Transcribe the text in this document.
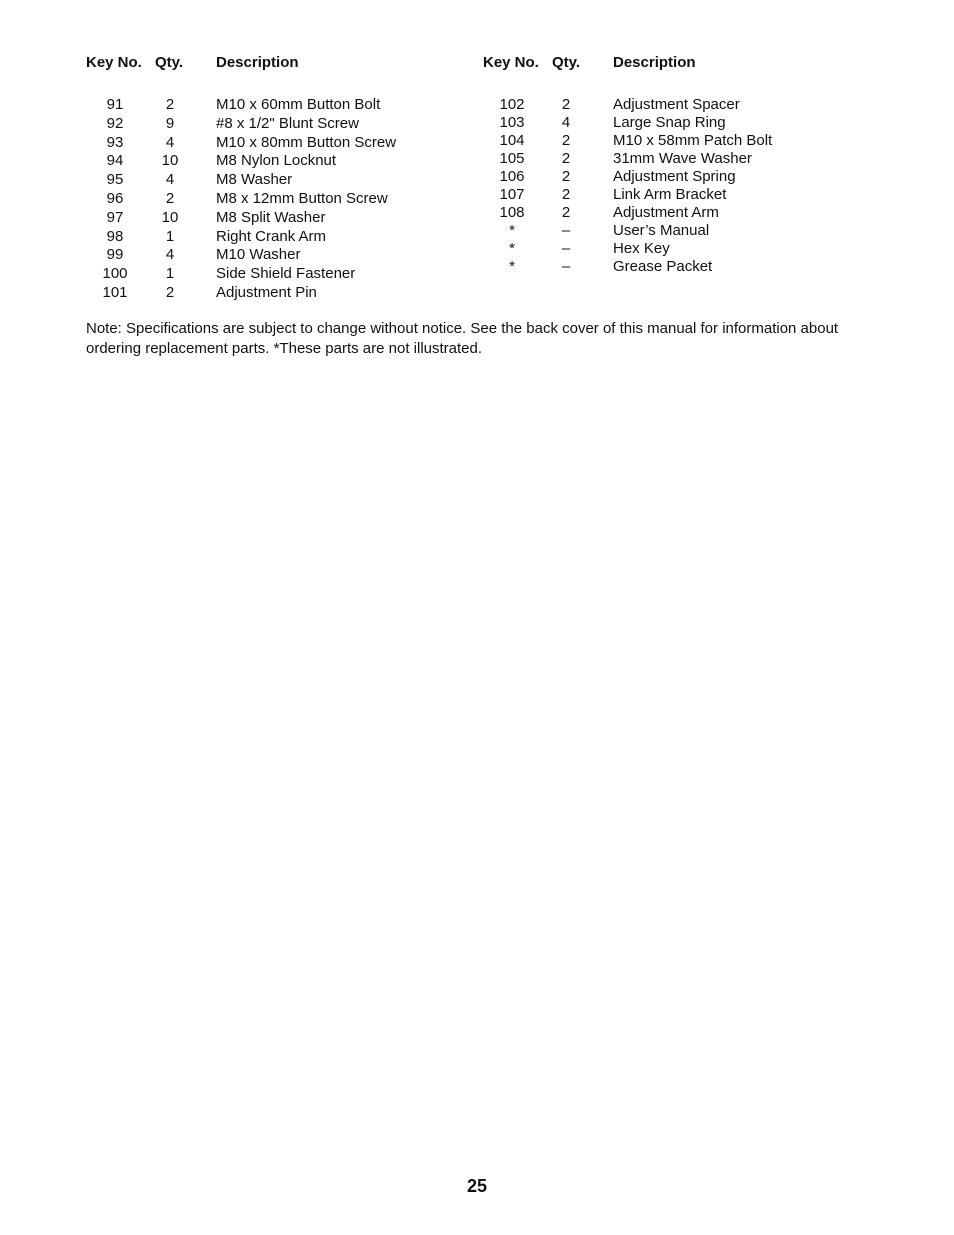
Key No. Qty. Description
91	2	M10 x 60mm Button Bolt
92	9	#8 x 1/2" Blunt Screw
93	4	M10 x 80mm Button Screw
94	10	M8 Nylon Locknut
95	4	M8 Washer
96	2	M8 x 12mm Button Screw
97	10	M8 Split Washer
98	1	Right Crank Arm
99	4	M10 Washer
100	1	Side Shield Fastener
101	2	Adjustment Pin
Key No. Qty. Description
102	2	Adjustment Spacer
103	4	Large Snap Ring
104	2	M10 x 58mm Patch Bolt
105	2	31mm Wave Washer
106	2	Adjustment Spring
107	2	Link Arm Bracket
108	2	Adjustment Arm
*	–	User’s Manual
*	–	Hex Key
*	–	Grease Packet
Note: Specifications are subject to change without notice. See the back cover of this manual for information about ordering replacement parts. *These parts are not illustrated.
25
